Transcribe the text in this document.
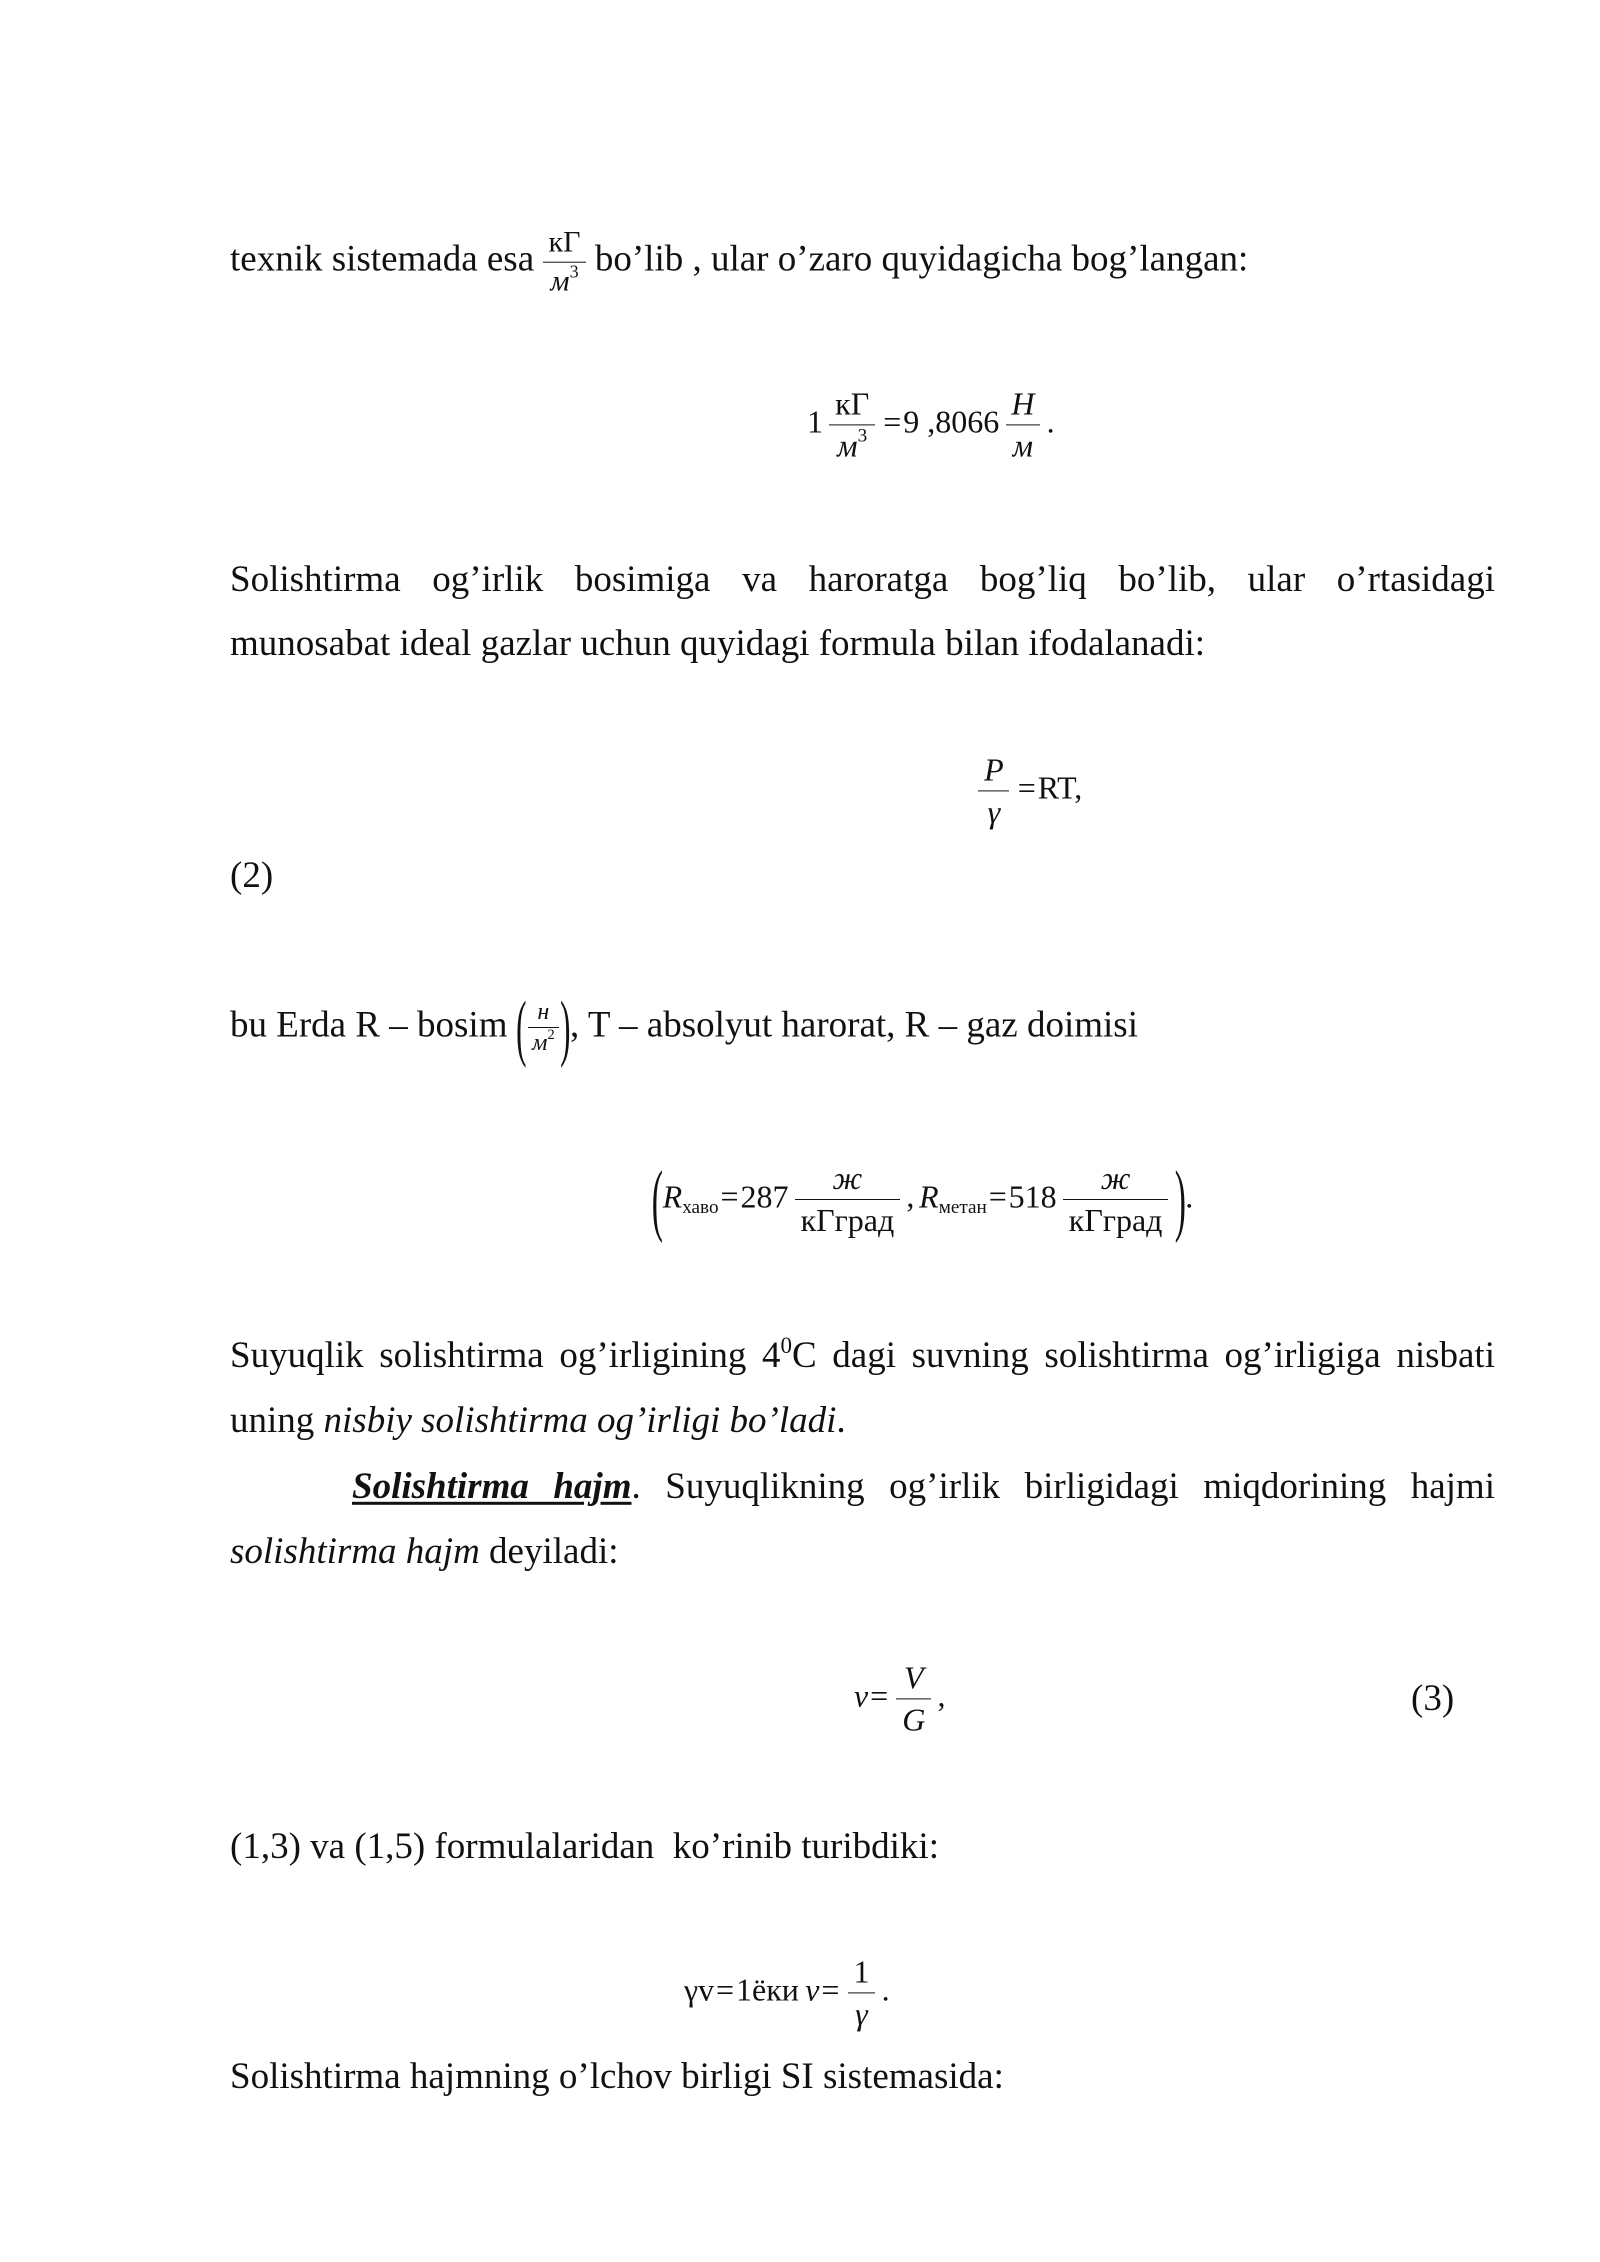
texnik sistemada esa $\frac{кГ}{м^3}$ bo’lib , ular o’zaro quyidagicha bog’langan:
$1 \frac{кГ}{м^3} =9$ $,8066 \frac{Н}{м}$ .
Solishtirma og’irlik bosimiga va haroratga bog’liq bo’lib, ular o’rtasidagi
munosabat ideal gazlar uchun quyidagi formula bilan ifodalanadi:
$\frac{P}{\gamma} =RT$,
(2)
bu Erda R – bosim ( $\frac{н}{м^2}$ ), T – absolyut harorat, R – gaz doimisi
(Rхаво=287 $\frac{ж}{\text{кГград}}$ , Rметан=518 $\frac{ж}{\text{кГград}}$ ).
Suyuqlik solishtirma og’irligining $4^0C$ dagi suvning solishtirma og’irligiga nisbati
uning nisbiy solishtirma og’irligi bo’ladi.
Solishtirma hajm. Suyuqlikning og’irlik birligidagi miqdorining hajmi
solishtirma hajm deyiladi:
$v= \frac{V}{G}$ ,	(3)
(1,3) va (1,5) formulalaridan  ko’rinib turibdiki:
γv=1ёки $v= \frac{1}{\gamma}$ .
Solishtirma hajmning o’lchov birligi SI sistemasida:
